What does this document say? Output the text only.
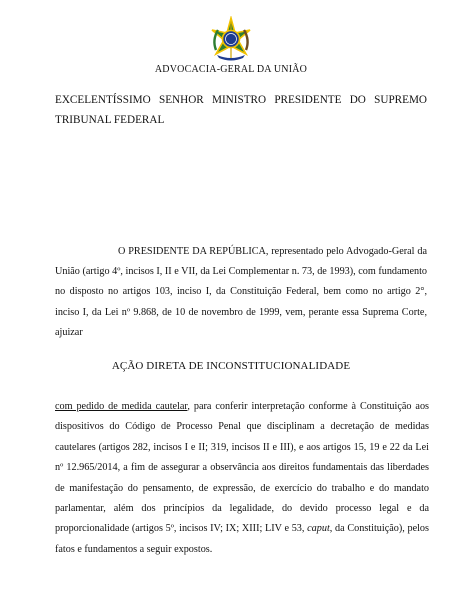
ADVOCACIA-GERAL DA UNIÃO
EXCELENTÍSSIMO SENHOR MINISTRO PRESIDENTE DO SUPREMO TRIBUNAL FEDERAL
O PRESIDENTE DA REPÚBLICA, representado pelo Advogado-Geral da União (artigo 4º, incisos I, II e VII, da Lei Complementar n. 73, de 1993), com fundamento no disposto no artigos 103, inciso I, da Constituição Federal, bem como no artigo 2°, inciso I, da Lei nº 9.868, de 10 de novembro de 1999, vem, perante essa Suprema Corte, ajuizar
AÇÃO DIRETA DE INCONSTITUCIONALIDADE
com pedido de medida cautelar, para conferir interpretação conforme à Constituição aos dispositivos do Código de Processo Penal que disciplinam a decretação de medidas cautelares (artigos 282, incisos I e II; 319, incisos II e III), e aos artigos 15, 19 e 22 da Lei nº 12.965/2014, a fim de assegurar a observância aos direitos fundamentais das liberdades de manifestação do pensamento, de expressão, de exercício do trabalho e do mandato parlamentar, além dos princípios da legalidade, do devido processo legal e da proporcionalidade (artigos 5º, incisos IV; IX; XIII; LIV e 53, caput, da Constituição), pelos fatos e fundamentos a seguir expostos.
